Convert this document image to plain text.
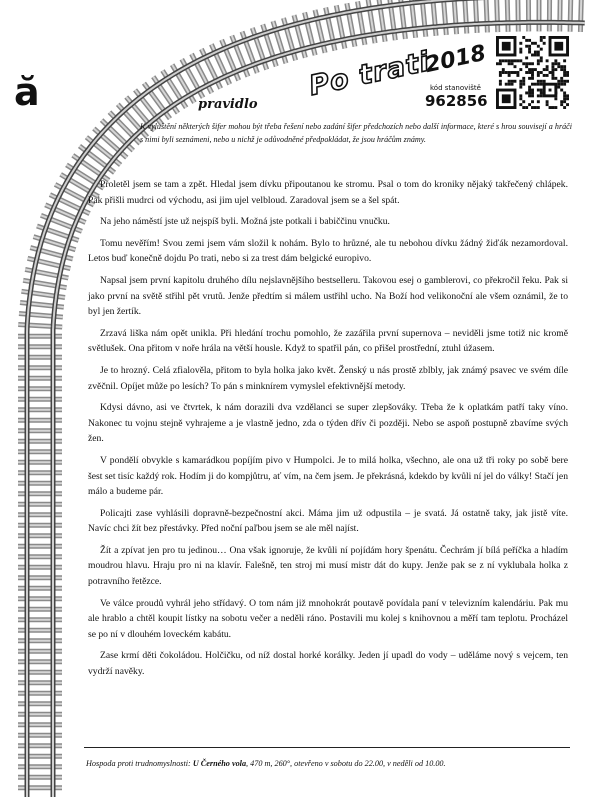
ă	Po trati
2018
kód stanoviště
962856
pravidlo
K vyluštění některých šifer mohou být třeba řešení nebo zadání šifer předchozích nebo další informace, které s hrou souvisejí a hráči s nimi byli seznámeni, nebo u nichž je odůvodněné předpokládat, že jsou hráčům známy.

Proletěl jsem se tam a zpět. Hledal jsem dívku připoutanou ke stromu. Psal o tom do kroniky nějaký takřečený chlápek. Pak přišli mudrci od východu, asi jim ujel velbloud. Zaradoval jsem se a šel spát.

Na jeho náměstí jste už nejspíš byli. Možná jste potkali i babiččinu vnučku.

Tomu nevěřím! Svou zemi jsem vám složil k nohám. Bylo to hrůzné, ale tu nebohou dívku žádný žiďák nezamordoval. Letos buď konečně dojdu Po trati, nebo si za trest dám belgické europivo.

Napsal jsem první kapitolu druhého dílu nejslavnějšího bestselleru. Takovou esej o gamblerovi, co překročil řeku. Pak si jako první na světě střihl pět vrutů. Jenže předtím si málem ustřihl ucho. Na Boží hod velikonoční ale všem oznámil, že to byl jen žertík.

Zrzavá liška nám opět unikla. Při hledání trochu pomohlo, že zazářila první supernova – neviděli jsme totiž nic kromě světlušek. Ona přitom v noře hrála na větší housle. Když to spatřil pán, co přišel prostřední, ztuhl úžasem.

Je to hrozný. Celá zfialověla, přitom to byla holka jako květ. Ženský u nás prostě zblbly, jak známý psavec ve svém díle zvěčnil. Opíjet může po lesích? To pán s minknírem vymyslel efektivnější metody.

Kdysi dávno, asi ve čtvrtek, k nám dorazili dva vzdělanci se super zlepšováky. Třeba že k oplatkám patří taky víno. Nakonec tu vojnu stejně vyhrajeme a je vlastně jedno, zda o týden dřív či později. Nebo se aspoň postupně zbavíme svých žen.

V pondělí obvykle s kamarádkou popíjím pivo v Humpolci. Je to milá holka, všechno, ale ona už tři roky po sobě bere šest set tisíc každý rok. Hodím ji do kompjůtru, ať vím, na čem jsem. Je překrásná, kdekdo by kvůli ní jel do války! Stačí jen málo a budeme pár.

Policajti zase vyhlásili dopravně-bezpečnostní akci. Máma jim už odpustila – je svatá. Já ostatně taky, jak jistě víte. Navíc chci žít bez přestávky. Před noční paľbou jsem se ale měl najíst.

Žít a zpívat jen pro tu jedinou… Ona však ignoruje, že kvůli ní pojídám hory špenátu. Čechrám jí bílá peříčka a hladím moudrou hlavu. Hraju pro ni na klavír. Falešně, ten stroj mi musí mistr dát do kupy. Jenže pak se z ní vyklubala holka z potravního řetězce.

Ve válce proudů vyhrál jeho střídavý. O tom nám již mnohokrát poutavě povídala paní v televizním kalendáriu. Pak mu ale hrablo a chtěl koupit lístky na sobotu večer a neděli ráno. Postavili mu kolej s knihovnou a měří tam teplotu. Procházel se po ní v dlouhém loveckém kabátu.

Zase krmí děti čokoládou. Holčičku, od níž dostal horké korálky. Jeden jí upadl do vody – uděláme nový s vejcem, ten vydrží navěky.

Hospoda proti trudnomyslnosti: U Černého vola, 470 m, 260°, otevřeno v sobotu do 22.00, v neděli od 10.00.
